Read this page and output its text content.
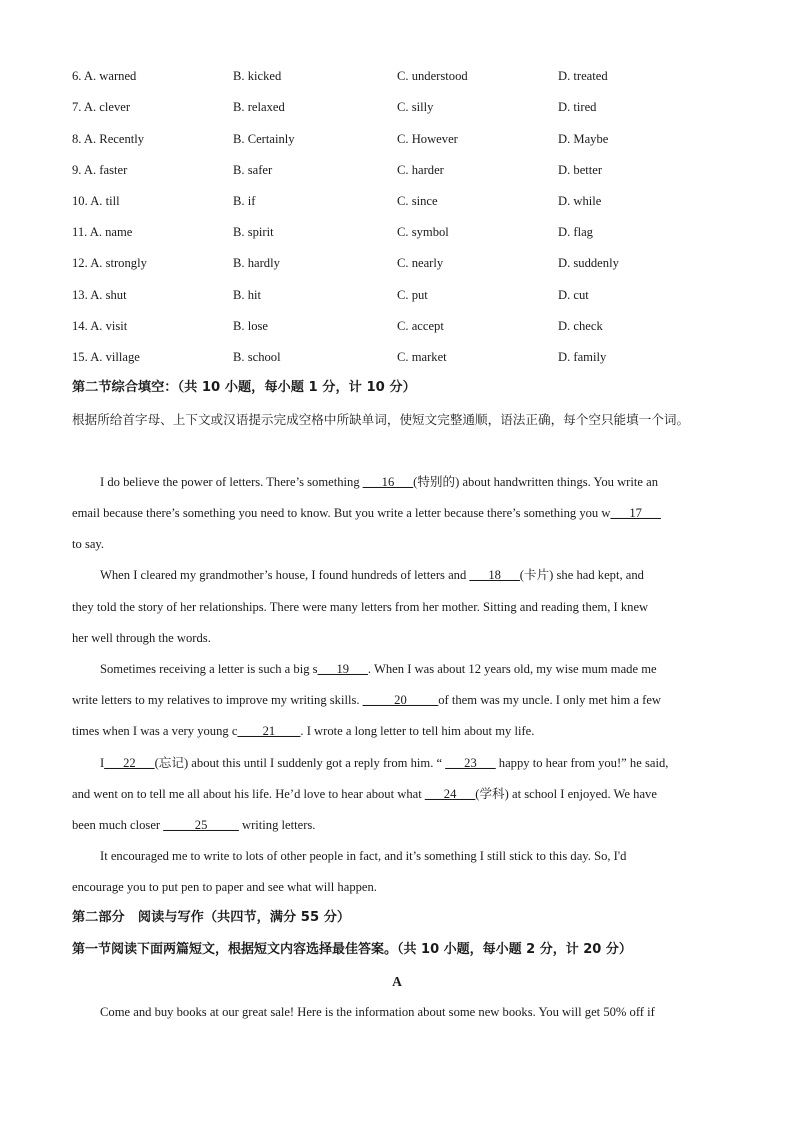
6. A. warned	B. kicked	C. understood	D. treated
7. A. clever	B. relaxed	C. silly	D. tired
8. A. Recently	B. Certainly	C. However	D. Maybe
9. A. faster	B. safer	C. harder	D. better
10. A. till	B. if	C. since	D. while
11. A. name	B. spirit	C. symbol	D. flag
12. A. strongly	B. hardly	C. nearly	D. suddenly
13. A. shut	B. hit	C. put	D. cut
14. A. visit	B. lose	C. accept	D. check
15. A. village	B. school	C. market	D. family
第二节综合填空：（共 10 小题，每小题 1 分，计 10 分）
根据所给首字母、上下文或汉语提示完成空格中所缺单词，使短文完整通顺，语法正确，每个空只能填一个词。
I do believe the power of letters. There’s something ___16___(特别的) about handwritten things. You write an
email because there’s something you need to know. But you write a letter because there’s something you w___17___
to say.
When I cleared my grandmother’s house, I found hundreds of letters and ___18___(卡片) she had kept, and
they told the story of her relationships. There were many letters from her mother. Sitting and reading them, I knew
her well through the words.
Sometimes receiving a letter is such a big s___19___. When I was about 12 years old, my wise mum made me
write letters to my relatives to improve my writing skills. _____20_____of them was my uncle. I only met him a few
times when I was a very young c____21____. I wrote a long letter to tell him about my life.
I___22___(忘记) about this until I suddenly got a reply from him. “ ___23___ happy to hear from you!” he said,
and went on to tell me all about his life. He’d love to hear about what ___24___(学科) at school I enjoyed. We have
been much closer _____25_____ writing letters.
It encouraged me to write to lots of other people in fact, and it’s something I still stick to this day. So, I'd
encourage you to put pen to paper and see what will happen.
第二部分　阅读与写作（共四节，满分 55 分）
第一节阅读下面两篇短文，根据短文内容选择最佳答案。（共 10 小题，每小题 2 分，计 20 分）
A
Come and buy books at our great sale! Here is the information about some new books. You will get 50% off if
